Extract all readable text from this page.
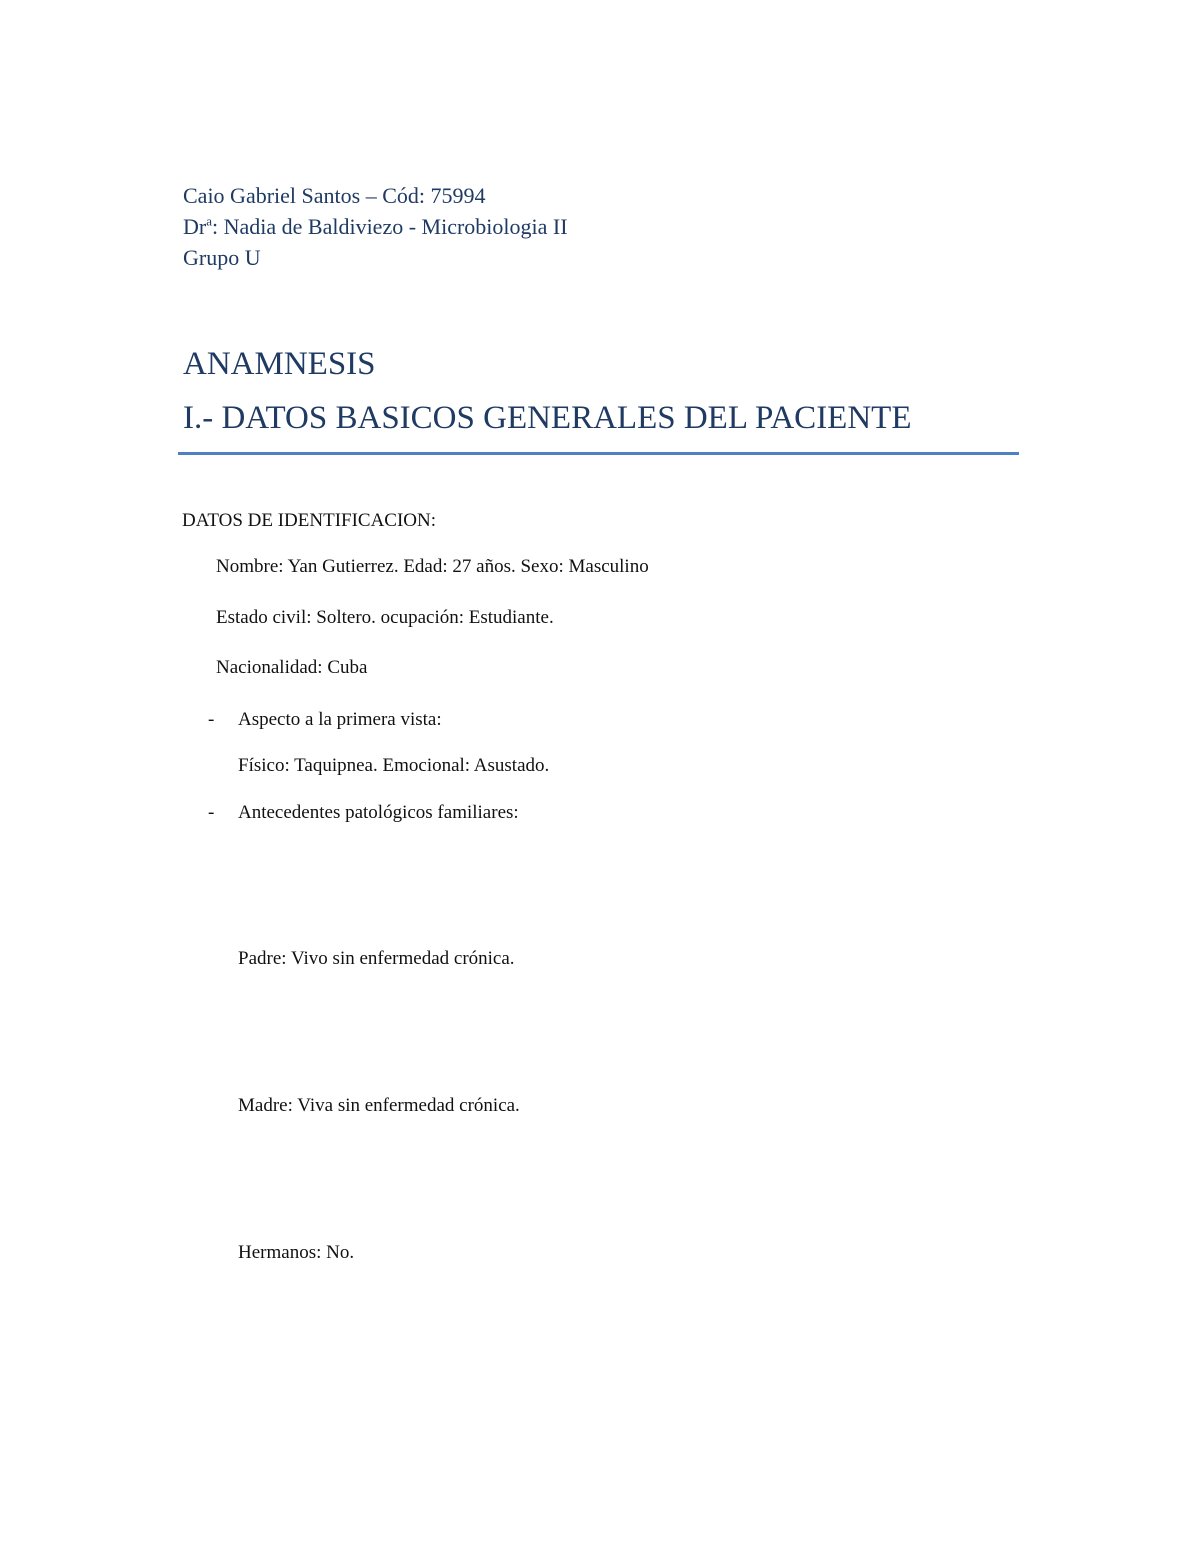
Caio Gabriel Santos – Cód: 75994
Dr$^a$: Nadia de Baldiviezo - Microbiologia II
Grupo U
ANAMNESIS
I.- DATOS BASICOS GENERALES DEL PACIENTE
DATOS DE IDENTIFICACION:
Nombre: Yan Gutierrez. Edad: 27 años. Sexo: Masculino
Estado civil: Soltero. ocupación: Estudiante.
Nacionalidad: Cuba
- Aspecto a la primera vista:
Físico: Taquipnea. Emocional: Asustado.
- Antecedentes patológicos familiares:
Padre: Vivo sin enfermedad crónica.
Madre: Viva sin enfermedad crónica.
Hermanos: No.
